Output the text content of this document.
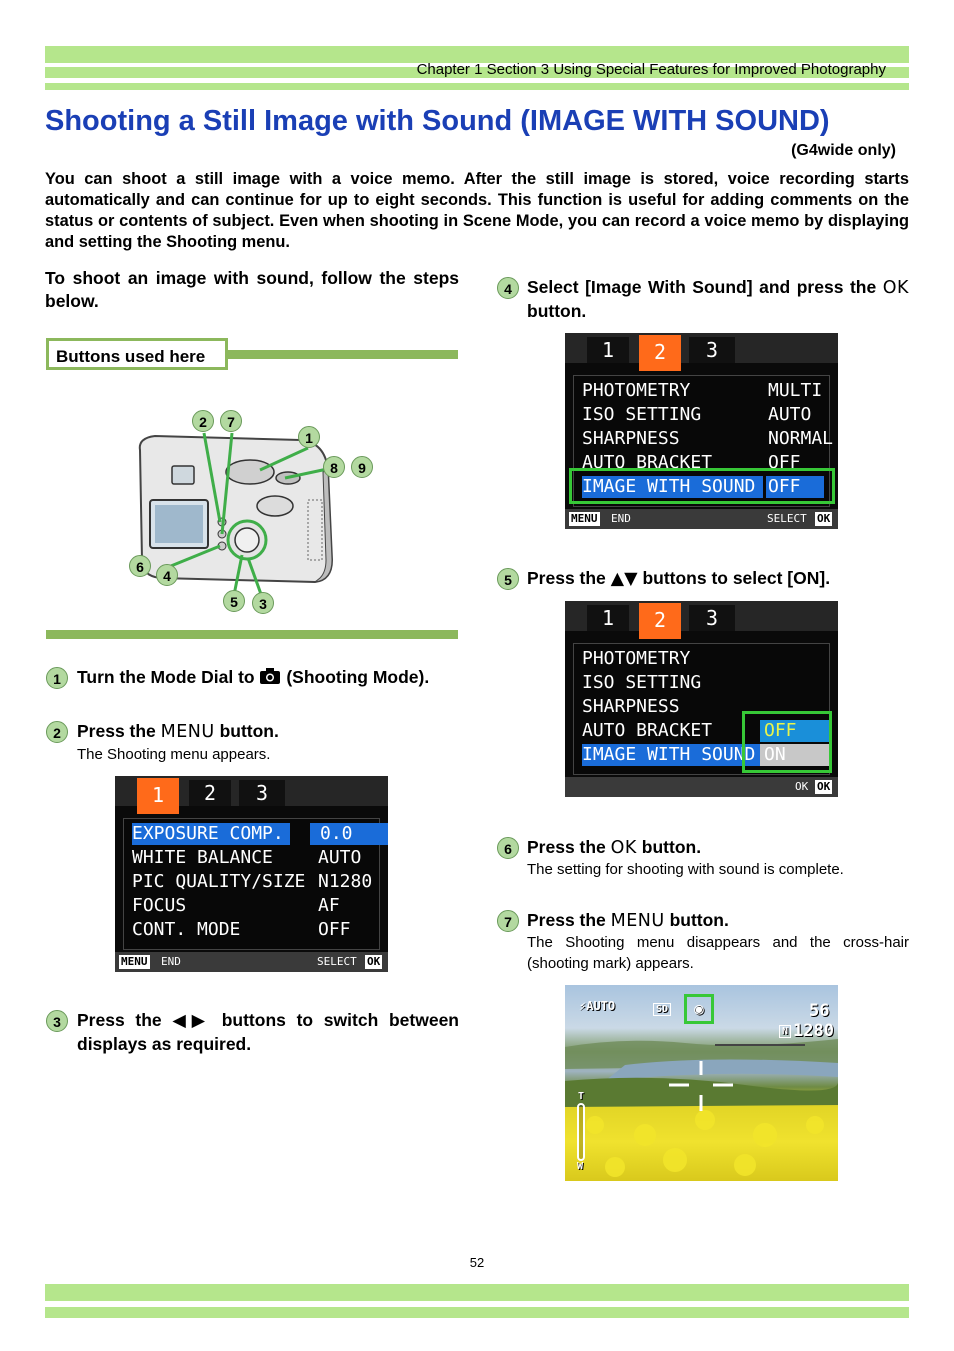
Chapter 1 Section 3 Using Special Features for Improved Photography
Shooting a Still Image with Sound (IMAGE WITH SOUND)
(G4wide only)

You can shoot a still image with a voice memo. After the still image is stored, voice recording starts automatically and can continue for up to eight seconds. This function is useful for adding comments on the status or contents of subject. Even when shooting in Scene Mode, you can record a voice memo by displaying and setting the Shooting menu.

To shoot an image with sound, follow the steps below.

Buttons used here
2	7
1
8	9
6
4
5	3
1 Turn the Mode Dial to  (Shooting Mode).

2 Press the MENU button.

The Shooting menu appears.

1	2	3
EXPOSURE COMP.	0.0
WHITE BALANCE	AUTO
PIC QUALITY/SIZE N1280
FOCUS	AF
CONT. MODE	OFF
MENU END	SELECT OK
3 Press the ◀▶ buttons to switch between displays as required.

4 Select [Image With Sound] and press the OK button.

1	2	3
PHOTOMETRY	MULTI
ISO SETTING	AUTO
SHARPNESS	NORMAL
AUTO BRACKET	OFF
IMAGE WITH SOUND OFF
MENU END	SELECT OK
5 Press the ▲▼ buttons to select [ON].

1	2	3
PHOTOMETRY
ISO SETTING
SHARPNESS
AUTO BRACKET	OFF
IMAGE WITH SOUND ON
OK OK
6 Press the OK button.

The setting for shooting with sound is complete.

7 Press the MENU button.

The Shooting menu disappears and the cross-hair (shooting mark) appears.

⚡AUTO	SD	◉	56
N 1280
T
W
52
